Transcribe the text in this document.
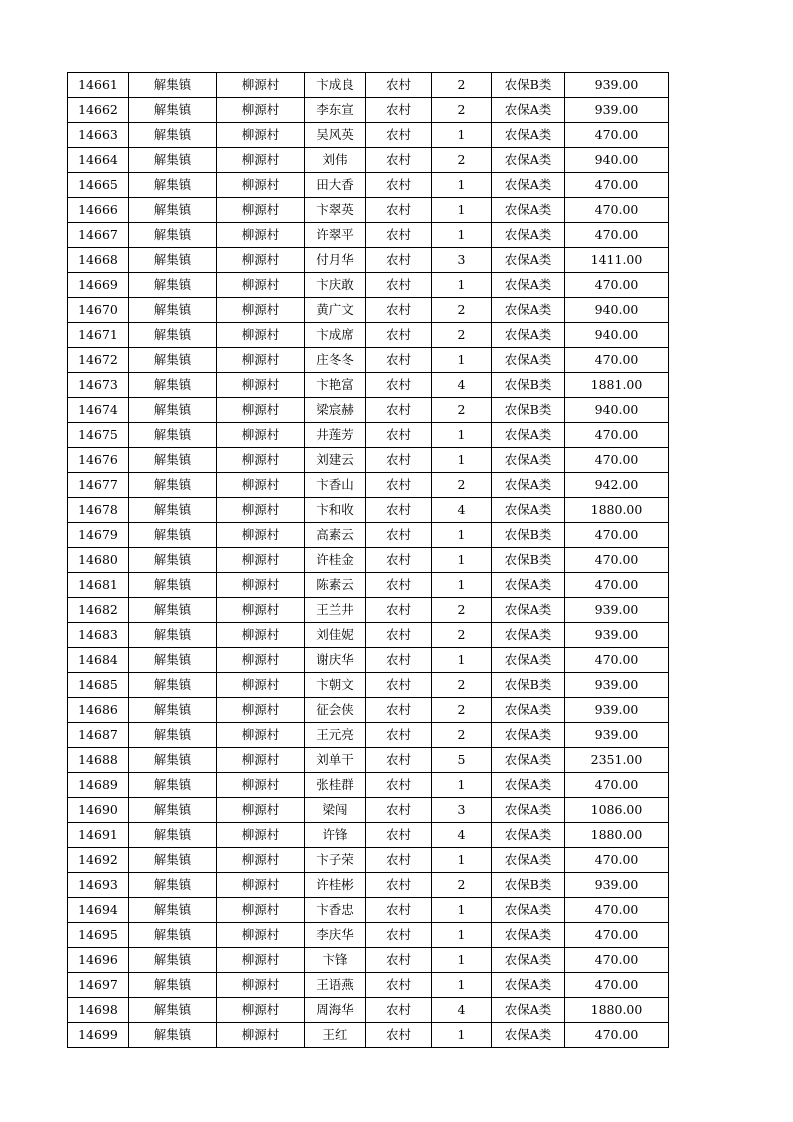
14661	解集镇	柳源村	卞成良	农村	2	农保B类	939.00
14662	解集镇	柳源村	李东宣	农村	2	农保A类	939.00
14663	解集镇	柳源村	吴风英	农村	1	农保A类	470.00
14664	解集镇	柳源村	刘伟	农村	2	农保A类	940.00
14665	解集镇	柳源村	田大香	农村	1	农保A类	470.00
14666	解集镇	柳源村	卞翠英	农村	1	农保A类	470.00
14667	解集镇	柳源村	许翠平	农村	1	农保A类	470.00
14668	解集镇	柳源村	付月华	农村	3	农保A类	1411.00
14669	解集镇	柳源村	卞庆敢	农村	1	农保A类	470.00
14670	解集镇	柳源村	黄广文	农村	2	农保A类	940.00
14671	解集镇	柳源村	卞成席	农村	2	农保A类	940.00
14672	解集镇	柳源村	庄冬冬	农村	1	农保A类	470.00
14673	解集镇	柳源村	卞艳富	农村	4	农保B类	1881.00
14674	解集镇	柳源村	梁宸赫	农村	2	农保B类	940.00
14675	解集镇	柳源村	井莲芳	农村	1	农保A类	470.00
14676	解集镇	柳源村	刘建云	农村	1	农保A类	470.00
14677	解集镇	柳源村	卞香山	农村	2	农保A类	942.00
14678	解集镇	柳源村	卞和收	农村	4	农保A类	1880.00
14679	解集镇	柳源村	高素云	农村	1	农保B类	470.00
14680	解集镇	柳源村	许桂金	农村	1	农保B类	470.00
14681	解集镇	柳源村	陈素云	农村	1	农保A类	470.00
14682	解集镇	柳源村	王兰井	农村	2	农保A类	939.00
14683	解集镇	柳源村	刘佳妮	农村	2	农保A类	939.00
14684	解集镇	柳源村	谢庆华	农村	1	农保A类	470.00
14685	解集镇	柳源村	卞朝文	农村	2	农保B类	939.00
14686	解集镇	柳源村	征会侠	农村	2	农保A类	939.00
14687	解集镇	柳源村	王元亮	农村	2	农保A类	939.00
14688	解集镇	柳源村	刘单干	农村	5	农保A类	2351.00
14689	解集镇	柳源村	张桂群	农村	1	农保A类	470.00
14690	解集镇	柳源村	梁闯	农村	3	农保A类	1086.00
14691	解集镇	柳源村	许锋	农村	4	农保A类	1880.00
14692	解集镇	柳源村	卞子荣	农村	1	农保A类	470.00
14693	解集镇	柳源村	许桂彬	农村	2	农保B类	939.00
14694	解集镇	柳源村	卞香忠	农村	1	农保A类	470.00
14695	解集镇	柳源村	李庆华	农村	1	农保A类	470.00
14696	解集镇	柳源村	卞锋	农村	1	农保A类	470.00
14697	解集镇	柳源村	王语燕	农村	1	农保A类	470.00
14698	解集镇	柳源村	周海华	农村	4	农保A类	1880.00
14699	解集镇	柳源村	王红	农村	1	农保A类	470.00
